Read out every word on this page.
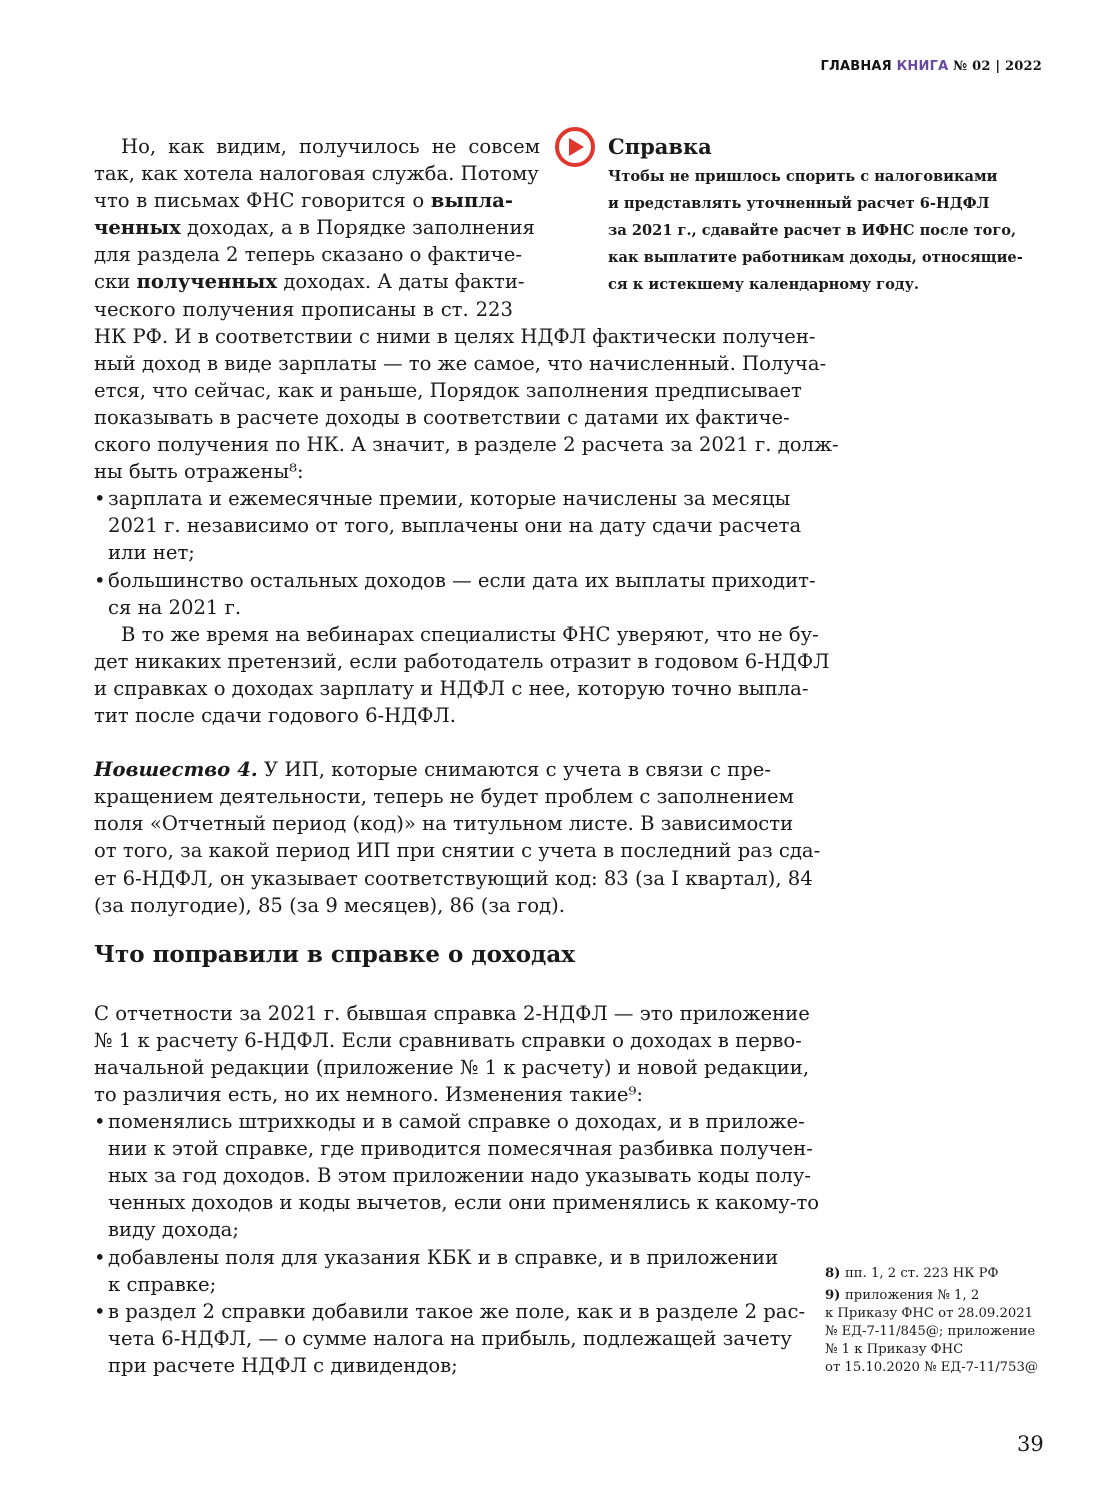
ГЛАВНАЯ КНИГА № 02 | 2022
Справка
Чтобы не пришлось спорить с налоговиками
и представлять уточненный расчет 6-НДФЛ
за 2021 г., сдавайте расчет в ИФНС после того,
как выплатите работникам доходы, относящие-
ся к истекшему календарному году.
Но, как видим, получилось не совсем
так, как хотела налоговая служба. Потому
что в письмах ФНС говорится о выпла-
ченных доходах, а в Порядке заполнения
для раздела 2 теперь сказано о фактиче-
ски полученных доходах. А даты факти-
ческого получения прописаны в ст. 223
НК РФ. И в соответствии с ними в целях НДФЛ фактически получен-
ный доход в виде зарплаты — то же самое, что начисленный. Получа-
ется, что сейчас, как и раньше, Порядок заполнения предписывает
показывать в расчете доходы в соответствии с датами их фактиче-
ского получения по НК. А значит, в разделе 2 расчета за 2021 г. долж-
ны быть отражены⁸:
• зарплата и ежемесячные премии, которые начислены за месяцы
2021 г. независимо от того, выплачены они на дату сдачи расчета
или нет;
• большинство остальных доходов — если дата их выплаты приходит-
ся на 2021 г.
В то же время на вебинарах специалисты ФНС уверяют, что не бу-
дет никаких претензий, если работодатель отразит в годовом 6-НДФЛ
и справках о доходах зарплату и НДФЛ с нее, которую точно выпла-
тит после сдачи годового 6-НДФЛ.
Новшество 4. У ИП, которые снимаются с учета в связи с пре-
кращением деятельности, теперь не будет проблем с заполнением
поля «Отчетный период (код)» на титульном листе. В зависимости
от того, за какой период ИП при снятии с учета в последний раз сда-
ет 6-НДФЛ, он указывает соответствующий код: 83 (за I квартал), 84
(за полугодие), 85 (за 9 месяцев), 86 (за год).
Что поправили в справке о доходах
С отчетности за 2021 г. бывшая справка 2-НДФЛ — это приложение
№ 1 к расчету 6-НДФЛ. Если сравнивать справки о доходах в перво-
начальной редакции (приложение № 1 к расчету) и новой редакции,
то различия есть, но их немного. Изменения такие⁹:
• поменялись штрихкоды и в самой справке о доходах, и в приложе-
нии к этой справке, где приводится помесячная разбивка получен-
ных за год доходов. В этом приложении надо указывать коды полу-
ченных доходов и коды вычетов, если они применялись к какому-то
виду дохода;
• добавлены поля для указания КБК и в справке, и в приложении
к справке;
• в раздел 2 справки добавили такое же поле, как и в разделе 2 рас-
чета 6-НДФЛ, — о сумме налога на прибыль, подлежащей зачету
при расчете НДФЛ с дивидендов;
8) пп. 1, 2 ст. 223 НК РФ
9) приложения № 1, 2
к Приказу ФНС от 28.09.2021
№ ЕД-7-11/845@; приложение
№ 1 к Приказу ФНС
от 15.10.2020 № ЕД-7-11/753@
39
